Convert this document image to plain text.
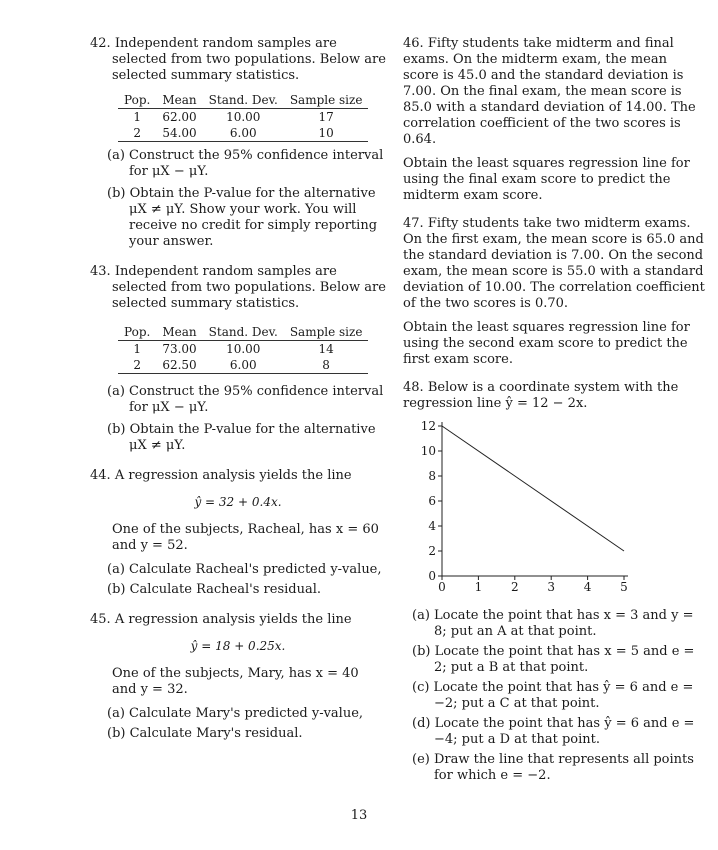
42. Independent random samples are selected from two populations. Below are selected summary statistics.

Pop.	Mean	Stand. Dev.	Sample size
1	62.00	10.00	17
2	54.00	6.00	10

(a) Construct the 95% confidence interval for μX − μY.

(b) Obtain the P-value for the alternative μX ≠ μY. Show your work. You will receive no credit for simply reporting your answer.

43. Independent random samples are selected from two populations. Below are selected summary statistics.

Pop.	Mean	Stand. Dev.	Sample size
1	73.00	10.00	14
2	62.50	6.00	8

(a) Construct the 95% confidence interval for μX − μY.

(b) Obtain the P-value for the alternative μX ≠ μY.

44. A regression analysis yields the line

ŷ = 32 + 0.4x.

One of the subjects, Racheal, has x = 60 and y = 52.

(a) Calculate Racheal's predicted y-value,

(b) Calculate Racheal's residual.

45. A regression analysis yields the line

ŷ = 18 + 0.25x.

One of the subjects, Mary, has x = 40 and y = 32.

(a) Calculate Mary's predicted y-value,

(b) Calculate Mary's residual.

46. Fifty students take midterm and final exams. On the midterm exam, the mean score is 45.0 and the standard deviation is 7.00. On the final exam, the mean score is 85.0 with a standard deviation of 14.00. The correlation coefficient of the two scores is 0.64.

Obtain the least squares regression line for using the final exam score to predict the midterm exam score.

47. Fifty students take two midterm exams. On the first exam, the mean score is 65.0 and the standard deviation is 7.00. On the second exam, the mean score is 55.0 with a standard deviation of 10.00. The correlation coefficient of the two scores is 0.70.

Obtain the least squares regression line for using the second exam score to predict the first exam score.

48. Below is a coordinate system with the regression line ŷ = 12 − 2x.

(a) Locate the point that has x = 3 and y = 8; put an A at that point.

(b) Locate the point that has x = 5 and e = 2; put a B at that point.

(c) Locate the point that has ŷ = 6 and e = −2; put a C at that point.

(d) Locate the point that has ŷ = 6 and e = −4; put a D at that point.

(e) Draw the line that represents all points for which e = −2.

0
2
4
6
8
10
12
0 1 2 3 4 5
13
